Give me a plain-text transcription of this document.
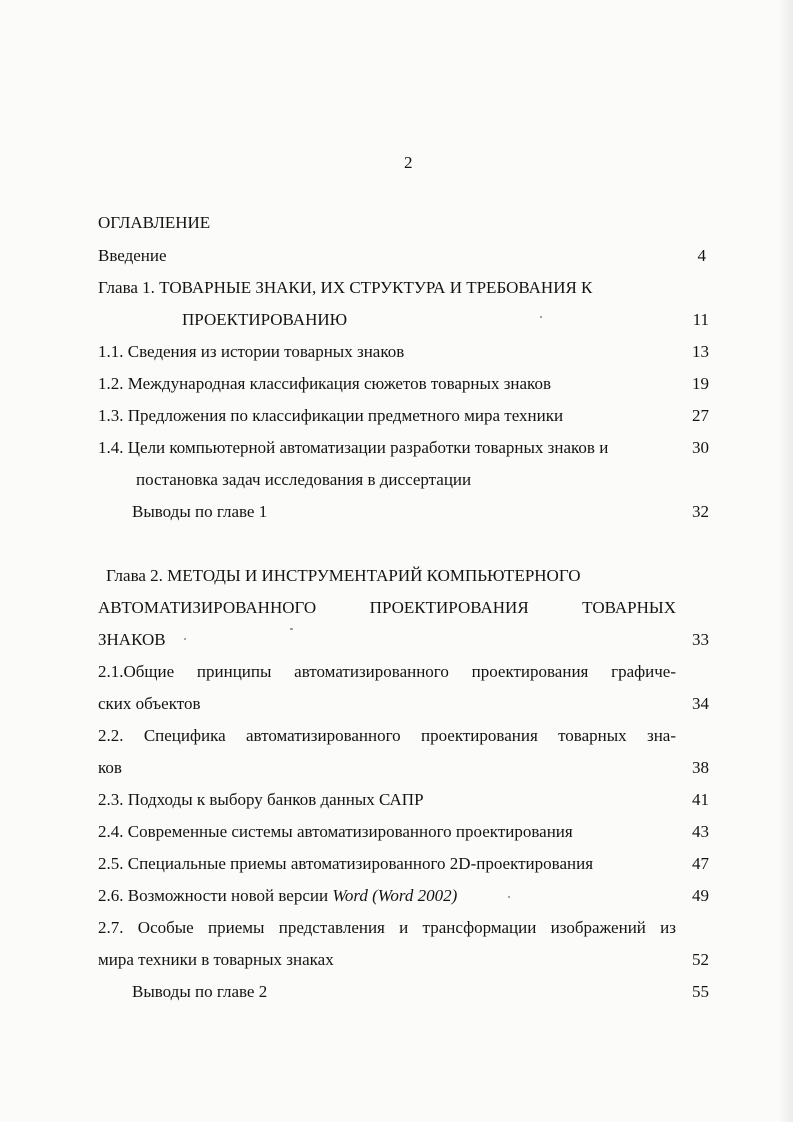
2
ОГЛАВЛЕНИЕ
Введение	4
Глава 1. ТОВАРНЫЕ ЗНАКИ, ИХ СТРУКТУРА И ТРЕБОВАНИЯ К
ПРОЕКТИРОВАНИЮ	11
1.1. Сведения из истории товарных знаков	13
1.2. Международная классификация сюжетов товарных знаков	19
1.3. Предложения по классификации предметного мира техники	27
1.4. Цели компьютерной автоматизации разработки товарных знаков и	30
постановка задач исследования в диссертации
Выводы по главе 1	32
Глава 2. МЕТОДЫ И ИНСТРУМЕНТАРИЙ КОМПЬЮТЕРНОГО
АВТОМАТИЗИРОВАННОГО ПРОЕКТИРОВАНИЯ ТОВАРНЫХ
ЗНАКОВ	33
2.1.Общие принципы автоматизированного проектирования графиче-
ских объектов	34
2.2. Специфика автоматизированного проектирования товарных зна-
ков	38
2.3. Подходы к выбору банков данных САПР	41
2.4. Современные системы автоматизированного проектирования	43
2.5. Специальные приемы автоматизированного 2D-проектирования	47
2.6. Возможности новой версии Word (Word 2002)	49
2.7. Особые приемы представления и трансформации изображений из
мира техники в товарных знаках	52
Выводы по главе 2	55
